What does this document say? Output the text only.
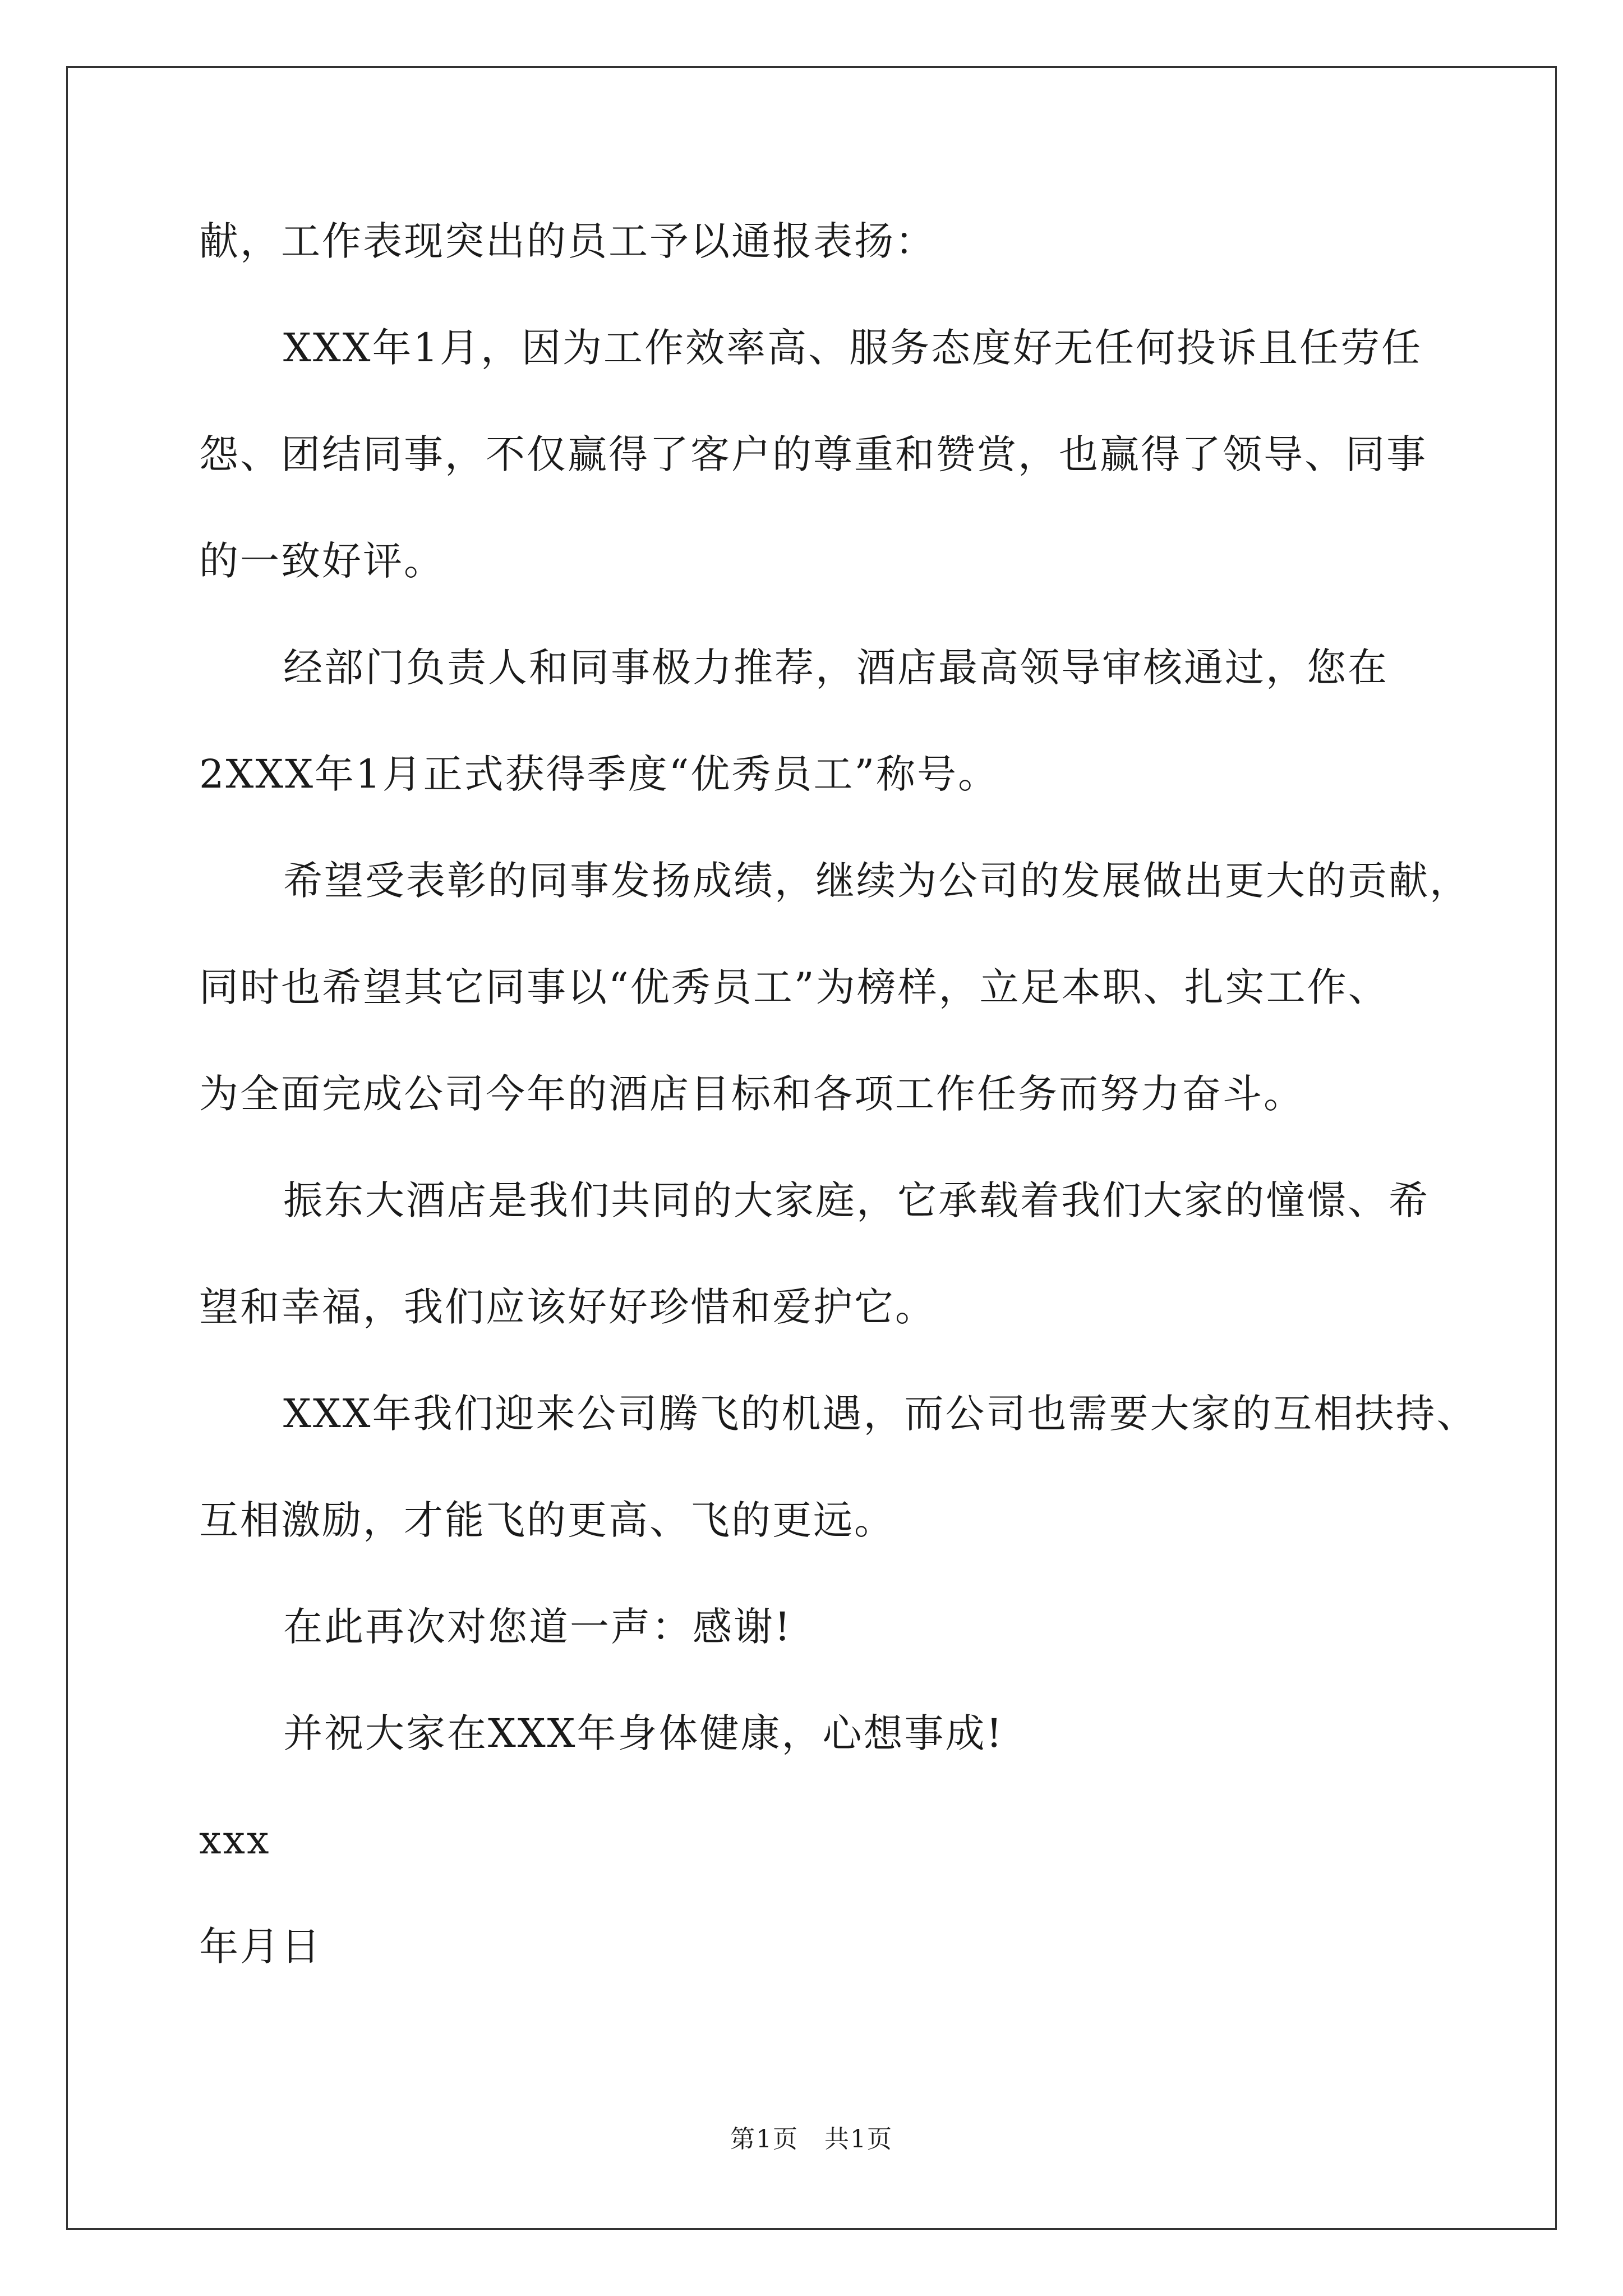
献，工作表现突出的员工予以通报表扬：
XXX年1月，因为工作效率高、服务态度好无任何投诉且任劳任
怨、团结同事，不仅赢得了客户的尊重和赞赏，也赢得了领导、同事
的一致好评。
经部门负责人和同事极力推荐，酒店最高领导审核通过，您在
2XXX年1月正式获得季度“优秀员工”称号。
希望受表彰的同事发扬成绩，继续为公司的发展做出更大的贡献，
同时也希望其它同事以“优秀员工”为榜样，立足本职、扎实工作、
为全面完成公司今年的酒店目标和各项工作任务而努力奋斗。
振东大酒店是我们共同的大家庭，它承载着我们大家的憧憬、希
望和幸福，我们应该好好珍惜和爱护它。
XXX年我们迎来公司腾飞的机遇，而公司也需要大家的互相扶持、
互相激励，才能飞的更高、飞的更远。
在此再次对您道一声：感谢!
并祝大家在XXX年身体健康，心想事成!
xxx
年月日
第1页　共1页
